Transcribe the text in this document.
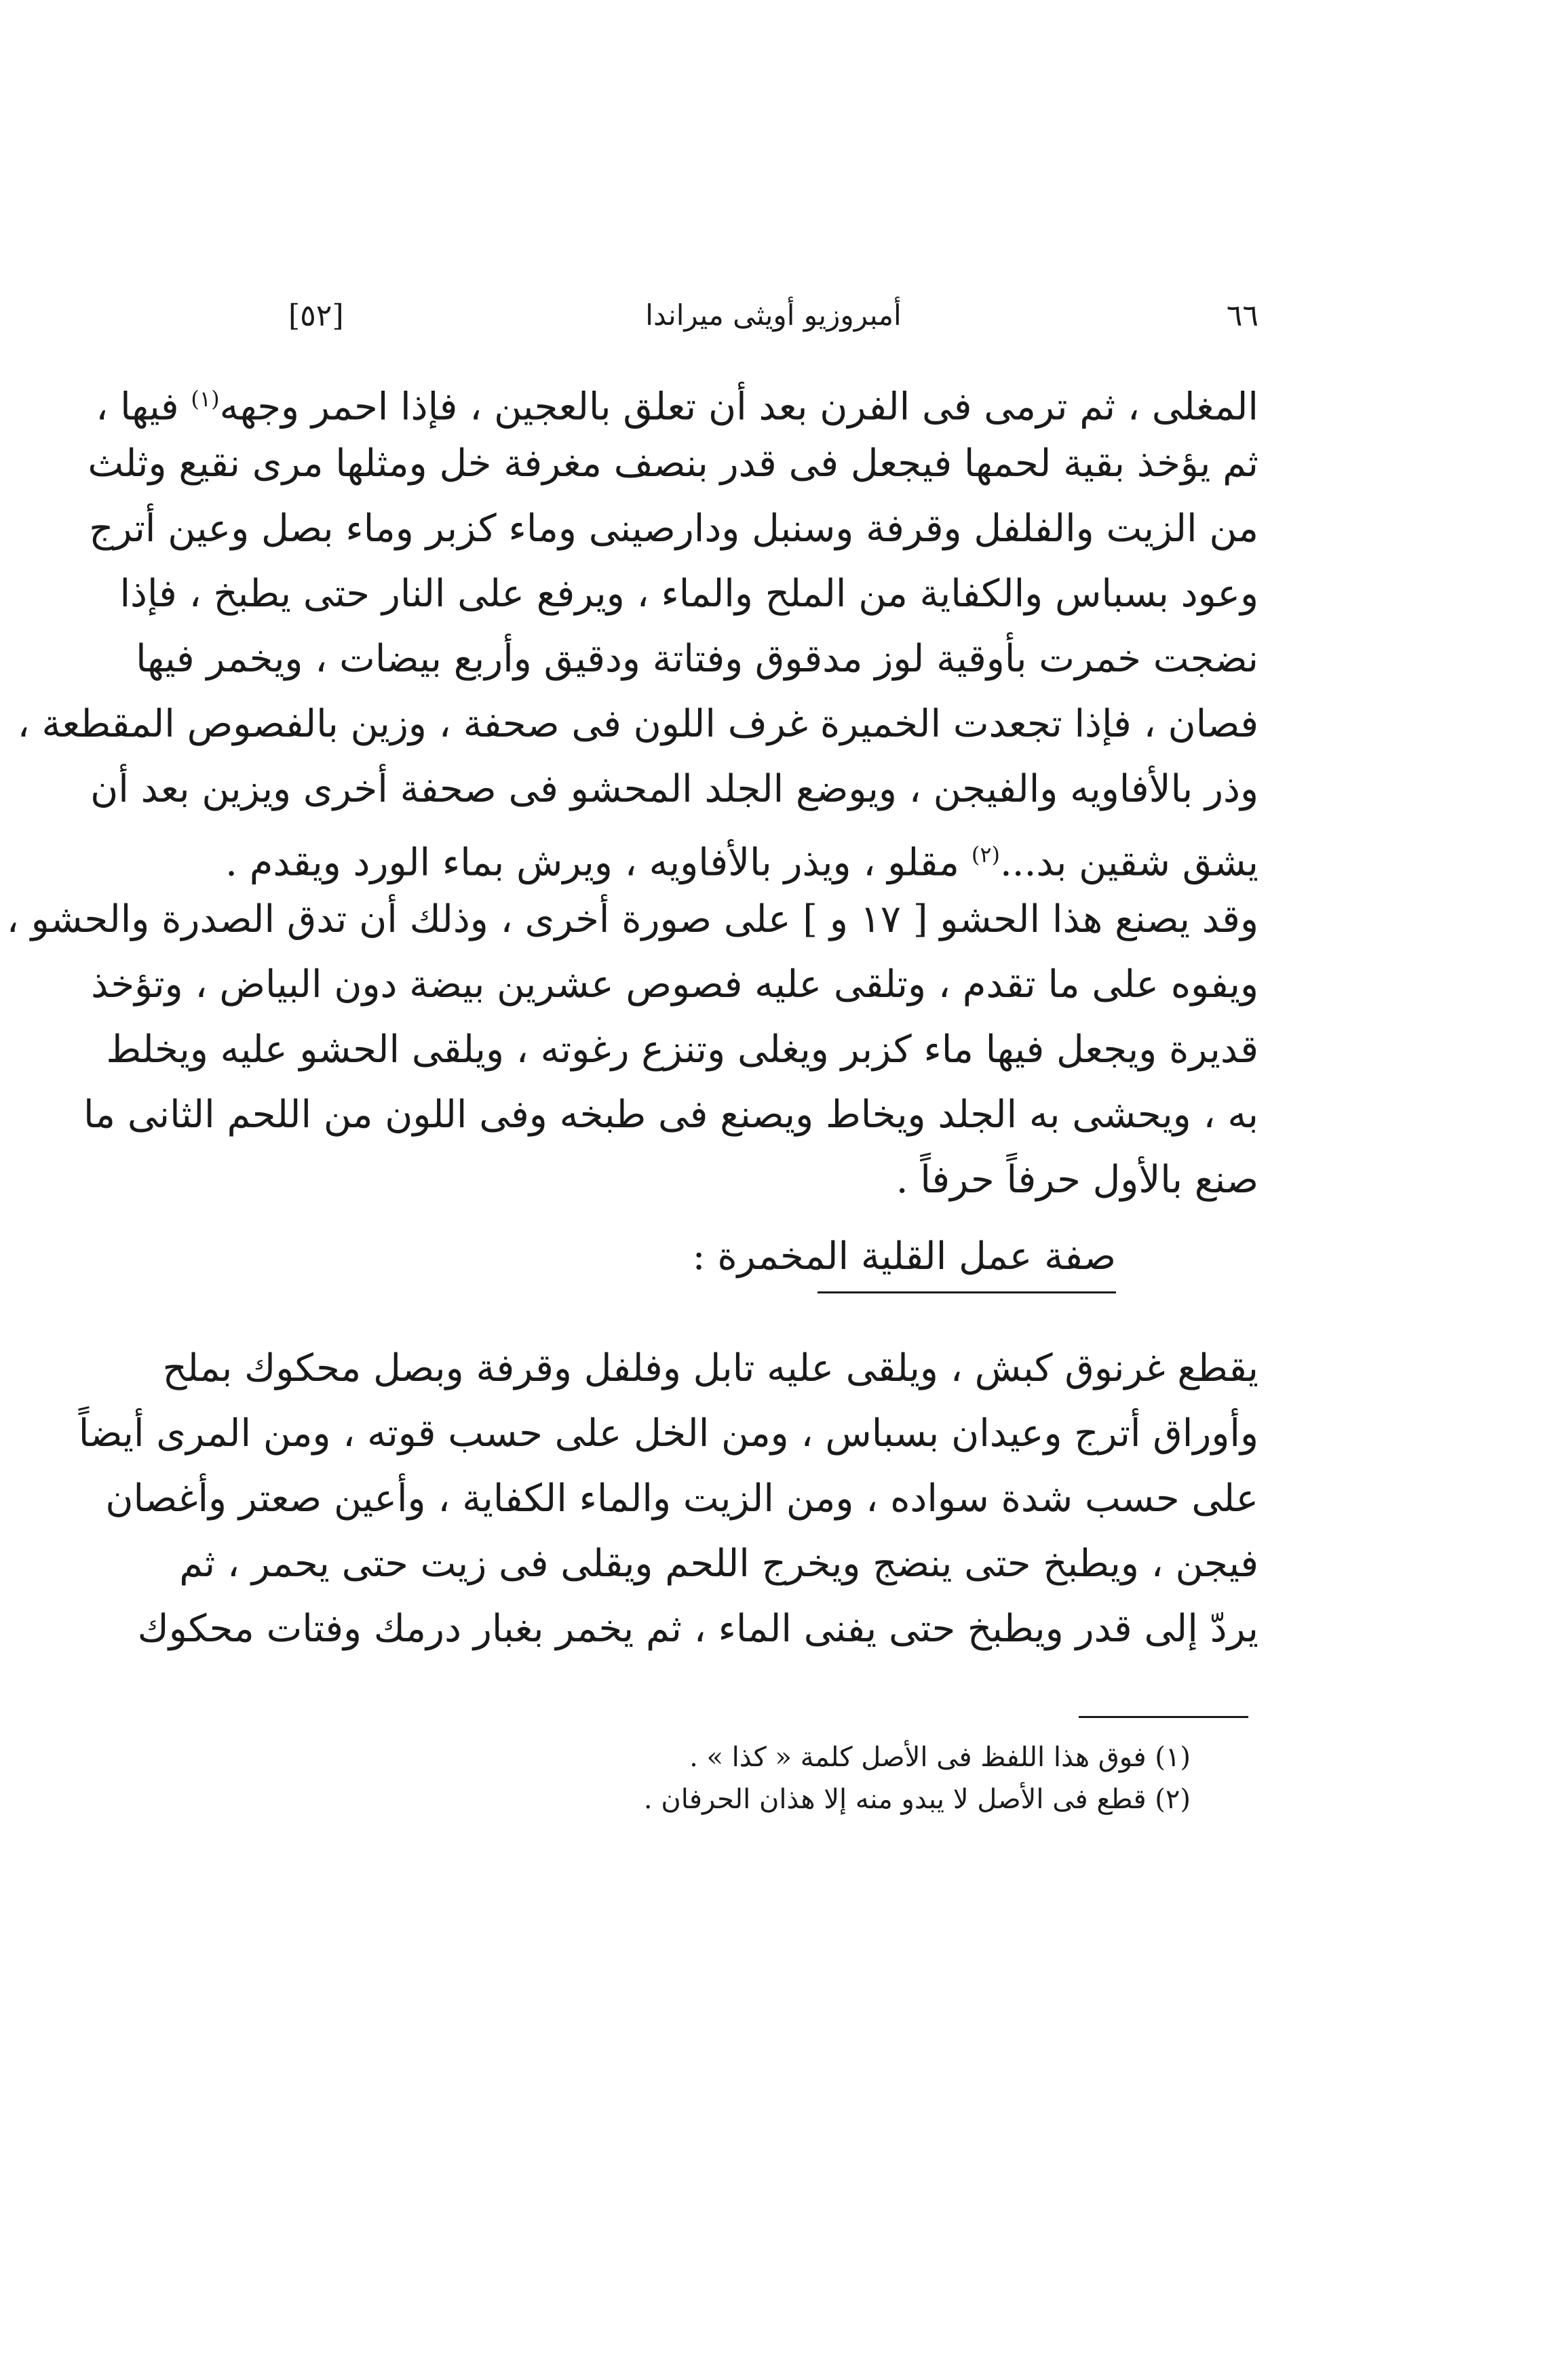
[٥٢]	أمبروزيو أويثى ميراندا	٦٦
المغلى ، ثم ترمى فى الفرن بعد أن تعلق بالعجين ، فإذا احمر وجهه$^{(١)}$ فيها ،
ثم يؤخذ بقية لحمها فيجعل فى قدر بنصف مغرفة خل ومثلها مرى نقيع وثلث
من الزيت والفلفل وقرفة وسنبل ودارصينى وماء كزبر وماء بصل وعين أترج
وعود بسباس والكفاية من الملح والماء ، ويرفع على النار حتى يطبخ ، فإذا
نضجت خمرت بأوقية لوز مدقوق وفتاتة ودقيق وأربع بيضات ، ويخمر فيها
فصان ، فإذا تجعدت الخميرة غرف اللون فى صحفة ، وزين بالفصوص المقطعة ،
وذر بالأفاويه والفيجن ، ويوضع الجلد المحشو فى صحفة أخرى ويزين بعد أن
يشق شقين بد...$^{(٢)}$ مقلو ، ويذر بالأفاويه ، ويرش بماء الورد ويقدم .
وقد يصنع هذا الحشو [ ١٧ و ] على صورة أخرى ، وذلك أن تدق الصدرة والحشو ،
ويفوه على ما تقدم ، وتلقى عليه فصوص عشرين بيضة دون البياض ، وتؤخذ
قديرة ويجعل فيها ماء كزبر ويغلى وتنزع رغوته ، ويلقى الحشو عليه ويخلط
به ، ويحشى به الجلد ويخاط ويصنع فى طبخه وفى اللون من اللحم الثانى ما
صنع بالأول حرفاً حرفاً .
صفة عمل القلية المخمرة :
يقطع غرنوق كبش ، ويلقى عليه تابل وفلفل وقرفة وبصل محكوك بملح
وأوراق أترج وعيدان بسباس ، ومن الخل على حسب قوته ، ومن المرى أيضاً
على حسب شدة سواده ، ومن الزيت والماء الكفاية ، وأعين صعتر وأغصان
فيجن ، ويطبخ حتى ينضج ويخرج اللحم ويقلى فى زيت حتى يحمر ، ثم
يردّ إلى قدر ويطبخ حتى يفنى الماء ، ثم يخمر بغبار درمك وفتات محكوك
(١) فوق هذا اللفظ فى الأصل كلمة « كذا » .
(٢) قطع فى الأصل لا يبدو منه إلا هذان الحرفان .
